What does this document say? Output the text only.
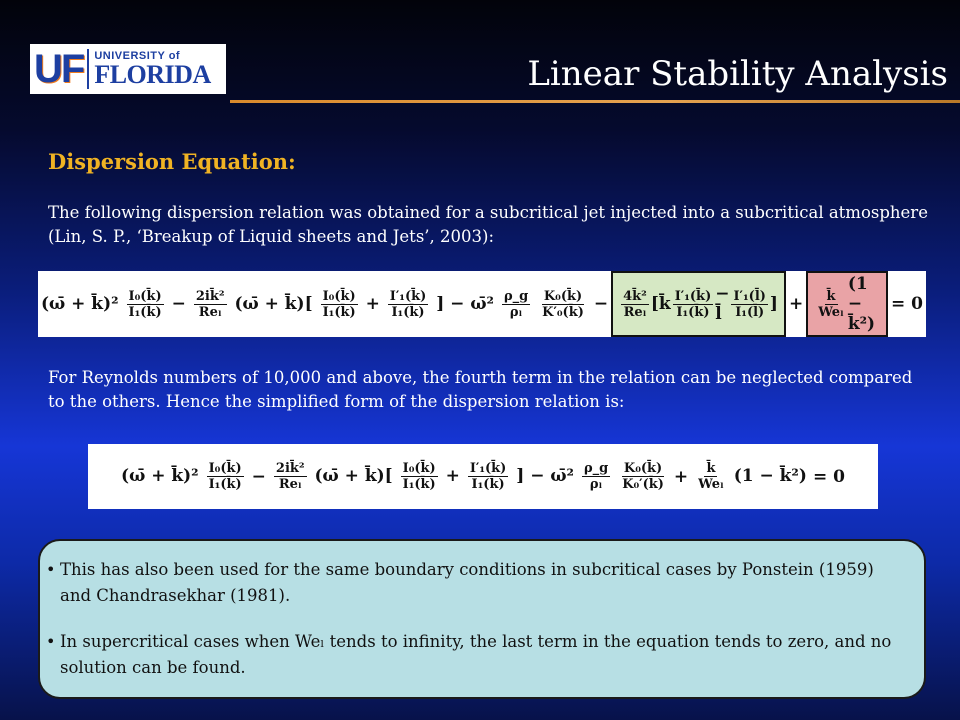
UF UNIVERSITY of
FLORIDA	Linear Stability Analysis
Dispersion Equation:
The following dispersion relation was obtained for a subcritical jet injected into a subcritical atmosphere (Lin, S. P., ‘Breakup of Liquid sheets and Jets’, 2003):
(ω̄ + k̄)² $\frac{\text{I₀(k̄)}}{\text{I₁(k̄)}} - \frac{\text{2ik̄²}}{\text{Reₗ}}$ (ω̄ + k̄)[ $\frac{\text{I₀(k̄)}}{\text{I₁(k̄)}} + \frac{\text{I′₁(k̄)}}{\text{I₁(k̄)}}$ ] − ω̄² $\frac{\rho\_g}{\text{ρₗ}}$
$\frac{\text{K₀(k̄)}}{\text{K′₀(k̄)}} - \frac{\text{4k̄²}}{\text{Reₗ}}$ [k̄ $\frac{\text{I′₁(k̄)}}{\text{I₁(k̄)}}$ − l̄ $\frac{\text{I′₁(l̄)}}{\text{I₁(l̄)}}$ ] + $\frac{k̄}{\text{Weₗ}}$
(1 − k̄²)
= 0
For Reynolds numbers of 10,000 and above, the fourth term in the relation can be neglected compared to the others. Hence the simplified form of the dispersion relation is:
(ω̄ + k̄)² $\frac{\text{I₀(k̄)}}{\text{I₁(k̄)}} - \frac{\text{2ik̄²}}{\text{Reₗ}}$ (ω̄ + k̄)[ $\frac{\text{I₀(k̄)}}{\text{I₁(k̄)}} + \frac{\text{I′₁(k̄)}}{\text{I₁(k̄)}}$ ] − ω̄² $\frac{\rho\_g}{\text{ρₗ}}$
$\frac{\text{K₀(k̄)}}{\text{K₀′(k̄)}} + \frac{k̄}{\text{Weₗ}} (1$ − k̄²) = 0
• This has also been used for the same boundary conditions in subcritical cases by Ponstein (1959) and Chandrasekhar (1981).
• In supercritical cases when Weₗ tends to infinity, the last term in the equation tends to zero, and no solution can be found.
